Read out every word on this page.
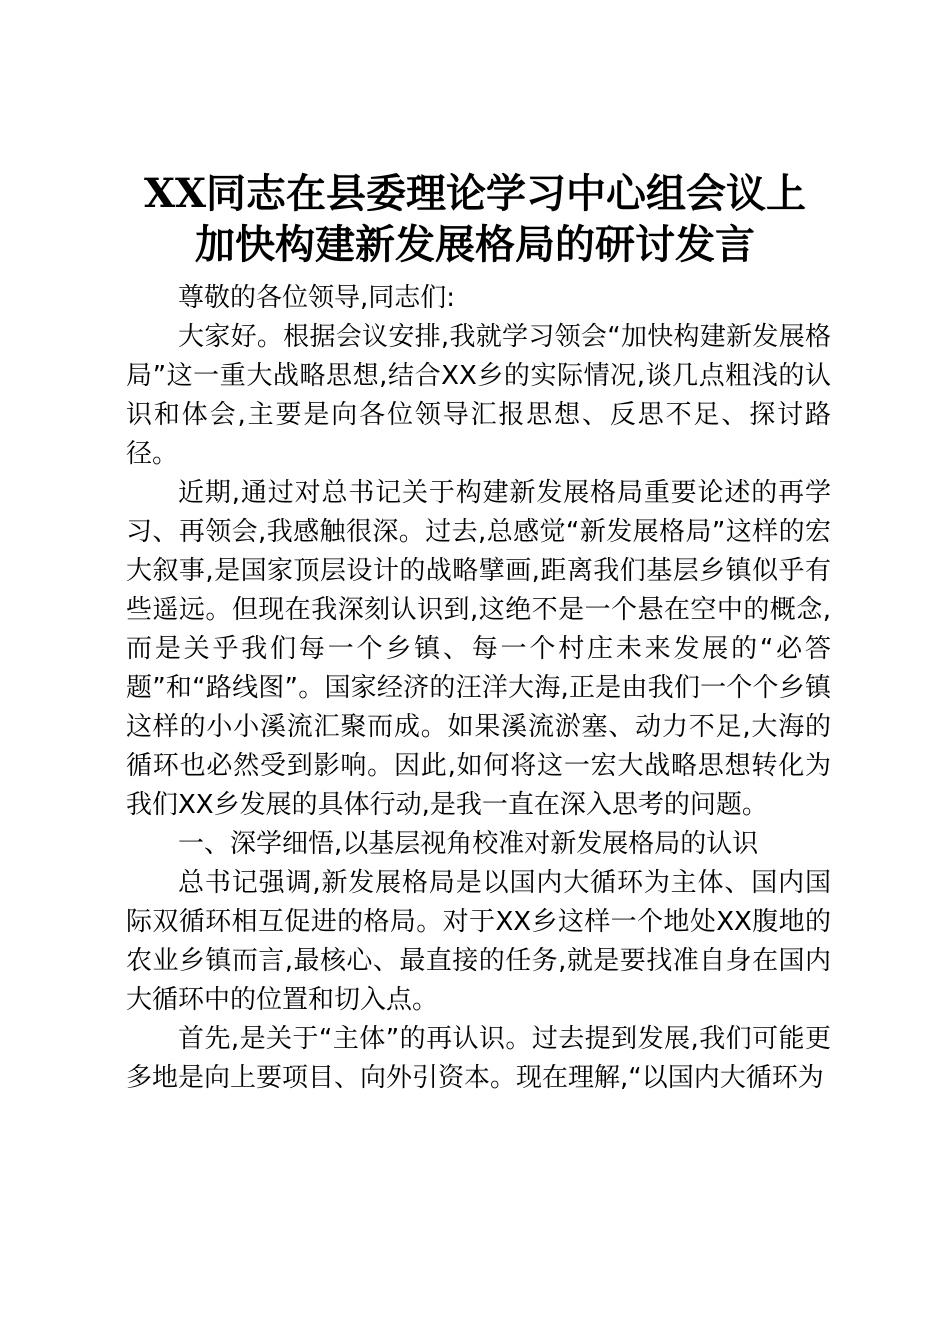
XX同志在县委理论学习中心组会议上
加快构建新发展格局的研讨发言

尊敬的各位领导,同志们:

大家好。根据会议安排,我就学习领会“加快构建新发展格局”这一重大战略思想,结合XX乡的实际情况,谈几点粗浅的认识和体会,主要是向各位领导汇报思想、反思不足、探讨路径。

近期,通过对总书记关于构建新发展格局重要论述的再学习、再领会,我感触很深。过去,总感觉“新发展格局”这样的宏大叙事,是国家顶层设计的战略擘画,距离我们基层乡镇似乎有些遥远。但现在我深刻认识到,这绝不是一个悬在空中的概念,而是关乎我们每一个乡镇、每一个村庄未来发展的“必答题”和“路线图”。国家经济的汪洋大海,正是由我们一个个乡镇这样的小小溪流汇聚而成。如果溪流淤塞、动力不足,大海的循环也必然受到影响。因此,如何将这一宏大战略思想转化为我们XX乡发展的具体行动,是我一直在深入思考的问题。

一、深学细悟,以基层视角校准对新发展格局的认识

总书记强调,新发展格局是以国内大循环为主体、国内国际双循环相互促进的格局。对于XX乡这样一个地处XX腹地的农业乡镇而言,最核心、最直接的任务,就是要找准自身在国内大循环中的位置和切入点。

首先,是关于“主体”的再认识。过去提到发展,我们可能更多地是向上要项目、向外引资本。现在理解,“以国内大循环为
